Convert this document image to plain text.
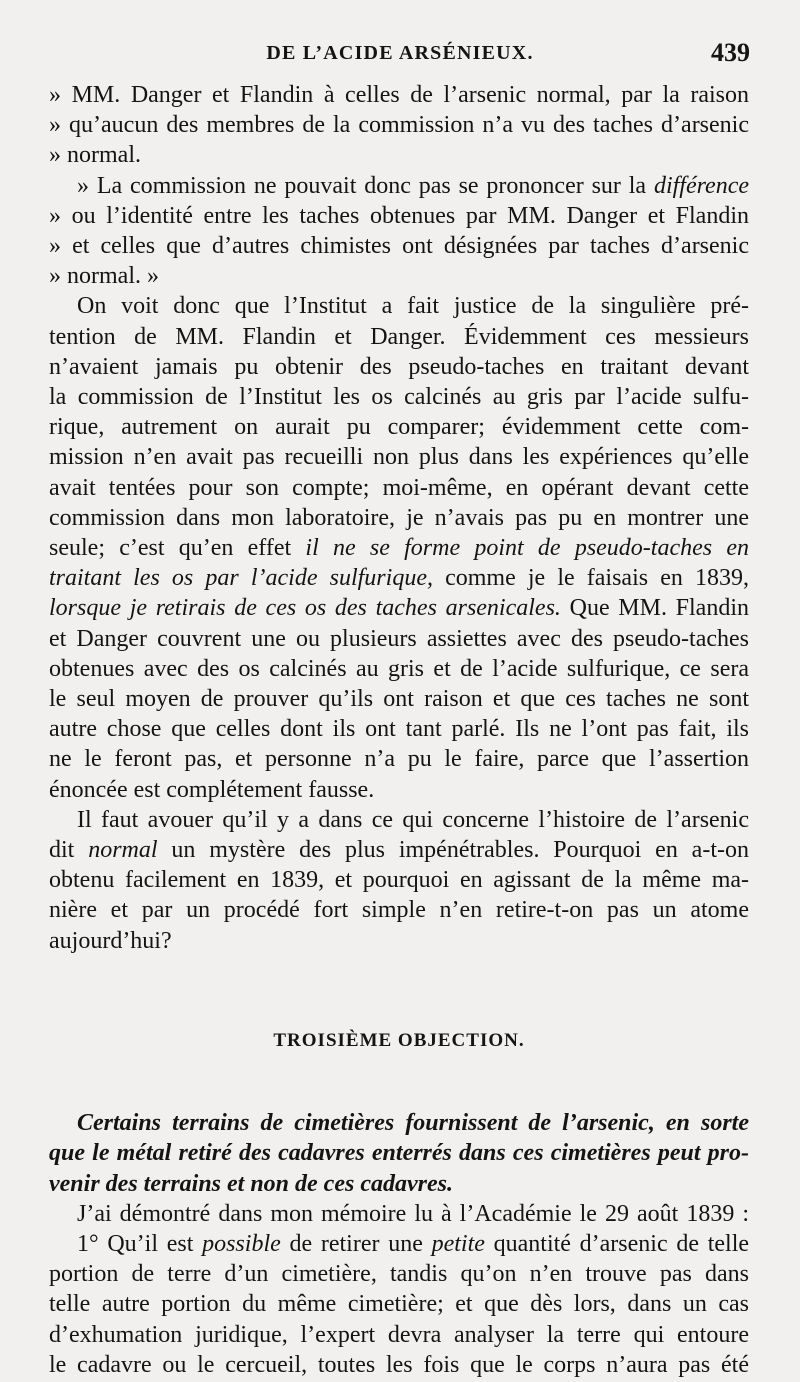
DE L’ACIDE ARSÉNIEUX.	439
» MM. Danger et Flandin à celles de l’arsenic normal, par la raison
» qu’aucun des membres de la commission n’a vu des taches d’arsenic
» normal.
» La commission ne pouvait donc pas se prononcer sur la différence
» ou l’identité entre les taches obtenues par MM. Danger et Flandin
» et celles que d’autres chimistes ont désignées par taches d’arsenic
» normal. »
On voit donc que l’Institut a fait justice de la singulière pré-
tention de MM. Flandin et Danger. Évidemment ces messieurs
n’avaient jamais pu obtenir des pseudo-taches en traitant devant
la commission de l’Institut les os calcinés au gris par l’acide sulfu-
rique, autrement on aurait pu comparer; évidemment cette com-
mission n’en avait pas recueilli non plus dans les expériences qu’elle
avait tentées pour son compte; moi-même, en opérant devant cette
commission dans mon laboratoire, je n’avais pas pu en montrer une
seule; c’est qu’en effet il ne se forme point de pseudo-taches en
traitant les os par l’acide sulfurique, comme je le faisais en 1839,
lorsque je retirais de ces os des taches arsenicales. Que MM. Flandin
et Danger couvrent une ou plusieurs assiettes avec des pseudo-taches
obtenues avec des os calcinés au gris et de l’acide sulfurique, ce sera
le seul moyen de prouver qu’ils ont raison et que ces taches ne sont
autre chose que celles dont ils ont tant parlé. Ils ne l’ont pas fait, ils
ne le feront pas, et personne n’a pu le faire, parce que l’assertion
énoncée est complétement fausse.
Il faut avouer qu’il y a dans ce qui concerne l’histoire de l’arsenic
dit normal un mystère des plus impénétrables. Pourquoi en a-t-on
obtenu facilement en 1839, et pourquoi en agissant de la même ma-
nière et par un procédé fort simple n’en retire-t-on pas un atome
aujourd’hui?
TROISIÈME OBJECTION.
Certains terrains de cimetières fournissent de l’arsenic, en sorte
que le métal retiré des cadavres enterrés dans ces cimetières peut pro-
venir des terrains et non de ces cadavres.
J’ai démontré dans mon mémoire lu à l’Académie le 29 août 1839 :
1° Qu’il est possible de retirer une petite quantité d’arsenic de telle
portion de terre d’un cimetière, tandis qu’on n’en trouve pas dans
telle autre portion du même cimetière; et que dès lors, dans un cas
d’exhumation juridique, l’expert devra analyser la terre qui entoure
le cadavre ou le cercueil, toutes les fois que le corps n’aura pas été
